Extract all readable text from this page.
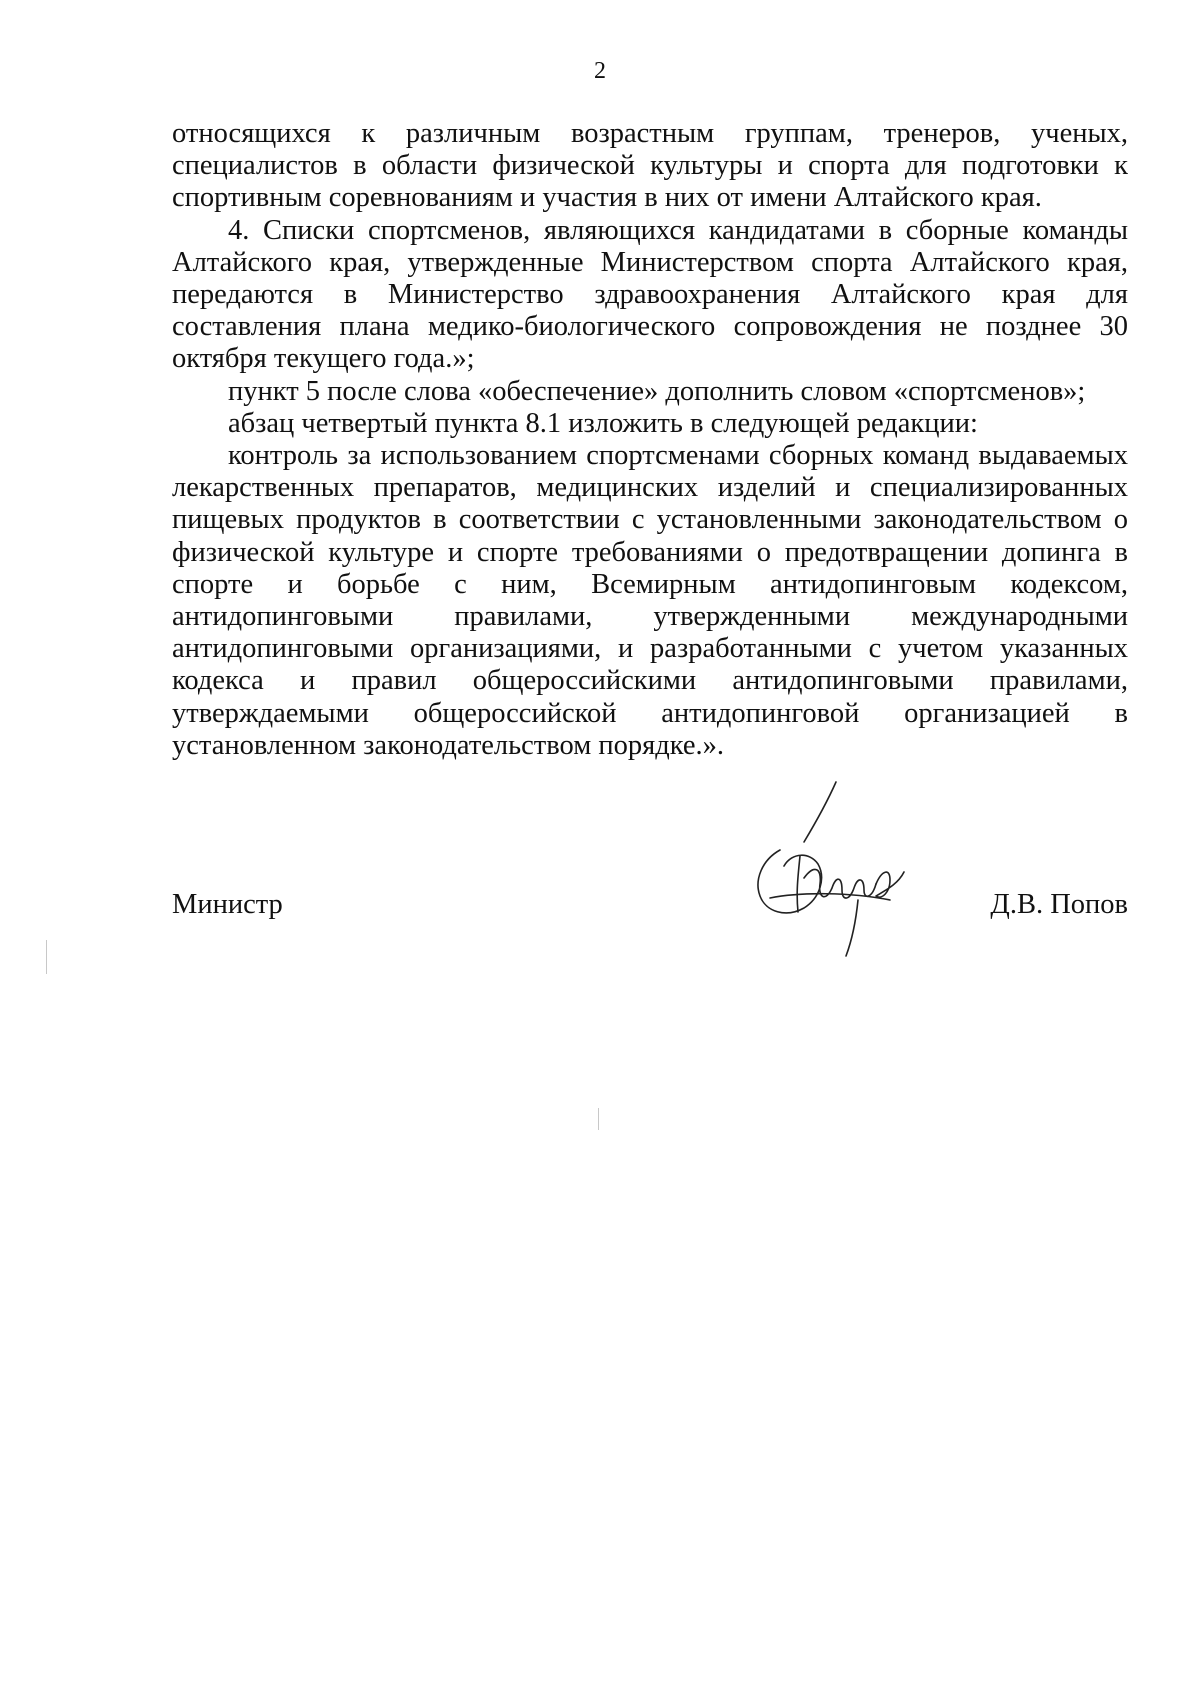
2

относящихся к различным возрастным группам, тренеров, ученых, специалистов в области физической культуры и спорта для подготовки к спортивным соревнованиям и участия в них от имени Алтайского края.

4. Списки спортсменов, являющихся кандидатами в сборные команды Алтайского края, утвержденные Министерством спорта Алтайского края, передаются в Министерство здравоохранения Алтайского края для составления плана медико-биологического сопровождения не позднее 30 октября текущего года.»;

пункт 5 после слова «обеспечение» дополнить словом «спортсменов»;

абзац четвертый пункта 8.1 изложить в следующей редакции:

контроль за использованием спортсменами сборных команд выдаваемых лекарственных препаратов, медицинских изделий и специализированных пищевых продуктов в соответствии с установленными законодательством о физической культуре и спорте требованиями о предотвращении допинга в спорте и борьбе с ним, Всемирным антидопинговым кодексом, антидопинговыми правилами, утвержденными международными антидопинговыми организациями, и разработанными с учетом указанных кодекса и правил общероссийскими антидопинговыми правилами, утверждаемыми общероссийской антидопинговой организацией в установленном законодательством порядке.».

Министр	Д.В. Попов
